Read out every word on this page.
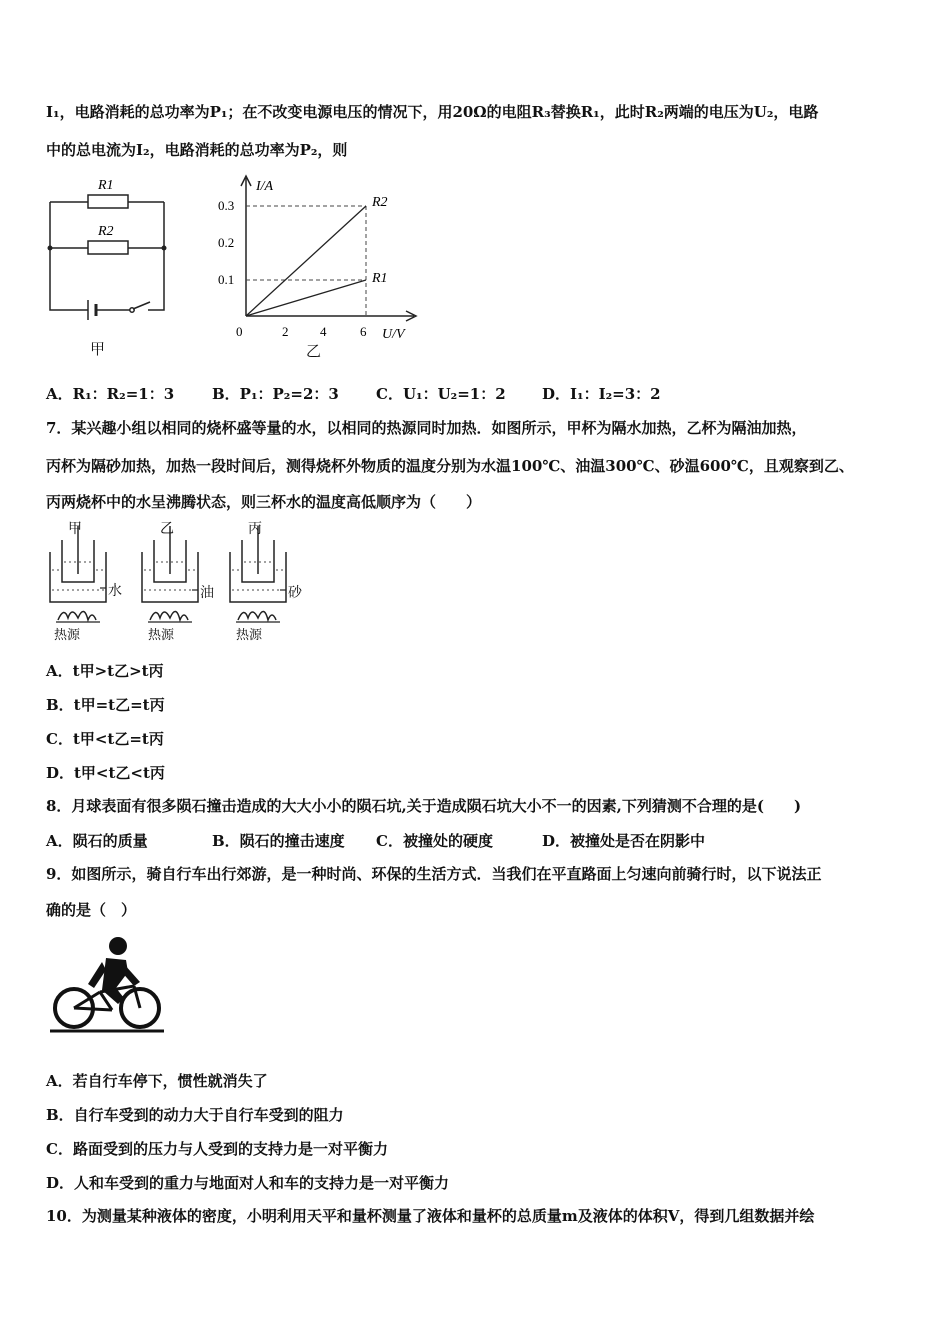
I₁，电路消耗的总功率为P₁；在不改变电源电压的情况下，用20Ω的电阻R₃替换R₁，此时R₂两端的电压为U₂，电路
中的总电流为I₂，电路消耗的总功率为P₂，则
R1
R2
甲
I/A
U/V
0
0.3
0.2
0.1
2 4	6
R2
R1
乙
A．R₁：R₂=1：3	B．P₁：P₂=2：3 C．U₁：U₂=1：2 D．I₁：I₂=3：2
7．某兴趣小组以相同的烧杯盛等量的水，以相同的热源同时加热．如图所示，甲杯为隔水加热，乙杯为隔油加热，
丙杯为隔砂加热，加热一段时间后，测得烧杯外物质的温度分别为水温100℃、油温300℃、砂温600℃，且观察到乙、
丙两烧杯中的水呈沸腾状态，则三杯水的温度高低顺序为（　　）
甲	乙	丙
水	油	砂
热源	热源	热源
A．t甲>t乙>t丙
B．t甲=t乙=t丙
C．t甲<t乙=t丙
D．t甲<t乙<t丙
8．月球表面有很多陨石撞击造成的大大小小的陨石坑,关于造成陨石坑大小不一的因素,下列猜测不合理的是(　　)
A．陨石的质量	B．陨石的撞击速度 C．被撞处的硬度	D．被撞处是否在阴影中
9．如图所示，骑自行车出行郊游，是一种时尚、环保的生活方式．当我们在平直路面上匀速向前骑行时，以下说法正
确的是（　）
A．若自行车停下，惯性就消失了
B．自行车受到的动力大于自行车受到的阻力
C．路面受到的压力与人受到的支持力是一对平衡力
D．人和车受到的重力与地面对人和车的支持力是一对平衡力
10．为测量某种液体的密度，小明利用天平和量杯测量了液体和量杯的总质量m及液体的体积V，得到几组数据并绘
